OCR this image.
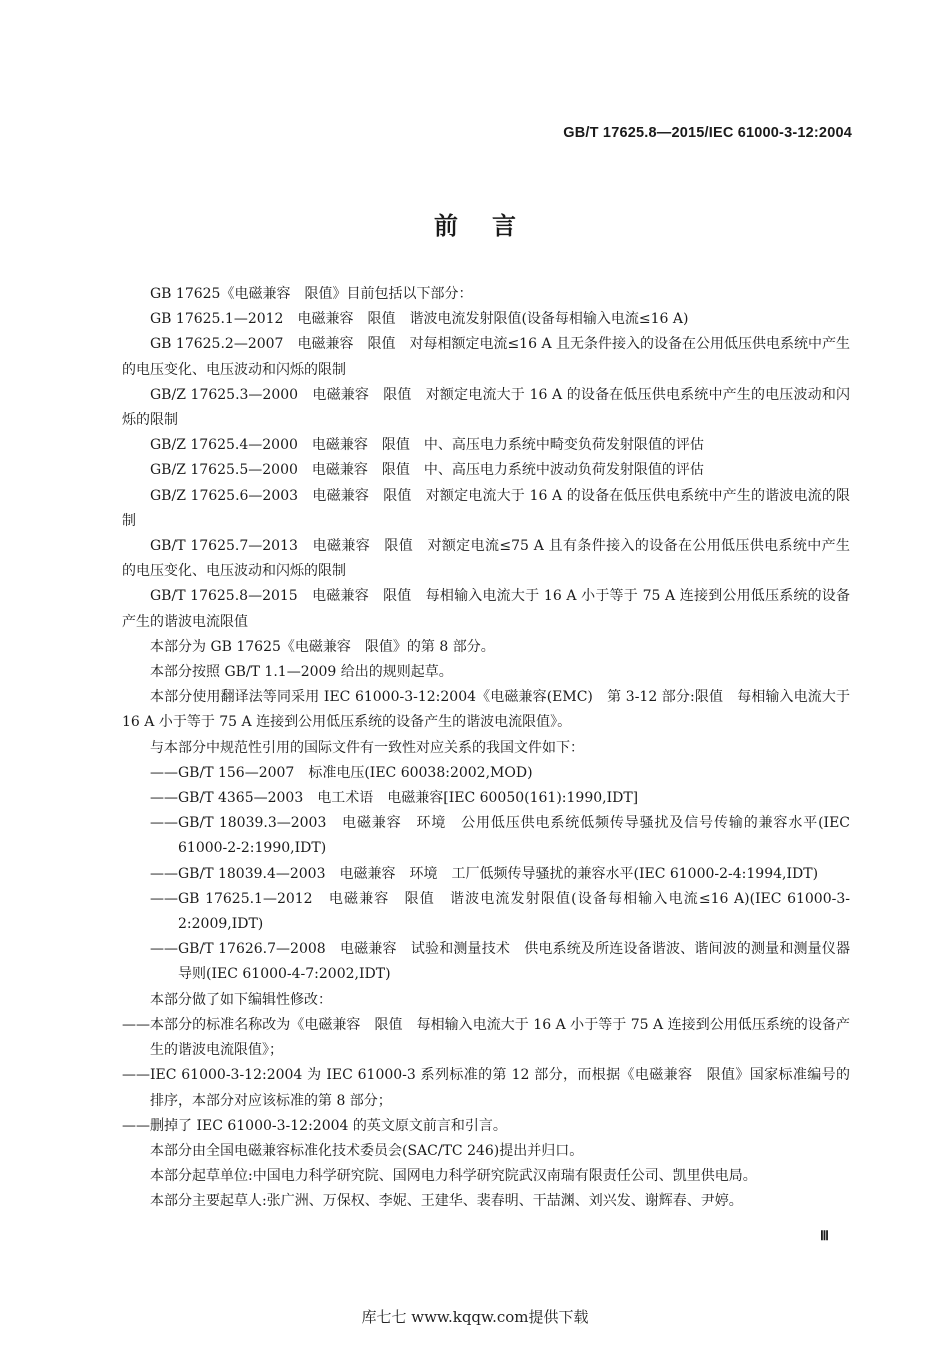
GB/T 17625.8—2015/IEC 61000-3-12:2004
前言

GB 17625《电磁兼容　限值》目前包括以下部分：

GB 17625.1—2012　电磁兼容　限值　谐波电流发射限值(设备每相输入电流≤16 A)

GB 17625.2—2007　电磁兼容　限值　对每相额定电流≤16 A 且无条件接入的设备在公用低压供电系统中产生的电压变化、电压波动和闪烁的限制

GB/Z 17625.3—2000　电磁兼容　限值　对额定电流大于 16 A 的设备在低压供电系统中产生的电压波动和闪烁的限制

GB/Z 17625.4—2000　电磁兼容　限值　中、高压电力系统中畸变负荷发射限值的评估

GB/Z 17625.5—2000　电磁兼容　限值　中、高压电力系统中波动负荷发射限值的评估

GB/Z 17625.6—2003　电磁兼容　限值　对额定电流大于 16 A 的设备在低压供电系统中产生的谐波电流的限制

GB/T 17625.7—2013　电磁兼容　限值　对额定电流≤75 A 且有条件接入的设备在公用低压供电系统中产生的电压变化、电压波动和闪烁的限制

GB/T 17625.8—2015　电磁兼容　限值　每相输入电流大于 16 A 小于等于 75 A 连接到公用低压系统的设备产生的谐波电流限值

本部分为 GB 17625《电磁兼容　限值》的第 8 部分。

本部分按照 GB/T 1.1—2009 给出的规则起草。

本部分使用翻译法等同采用 IEC 61000-3-12:2004《电磁兼容(EMC)　第 3-12 部分:限值　每相输入电流大于 16 A 小于等于 75 A 连接到公用低压系统的设备产生的谐波电流限值》。

与本部分中规范性引用的国际文件有一致性对应关系的我国文件如下：

——GB/T 156—2007　标准电压(IEC 60038:2002,MOD)

——GB/T 4365—2003　电工术语　电磁兼容[IEC 60050(161):1990,IDT]

——GB/T 18039.3—2003　电磁兼容　环境　公用低压供电系统低频传导骚扰及信号传输的兼容水平(IEC 61000-2-2:1990,IDT)

——GB/T 18039.4—2003　电磁兼容　环境　工厂低频传导骚扰的兼容水平(IEC 61000-2-4:1994,IDT)

——GB 17625.1—2012　电磁兼容　限值　谐波电流发射限值(设备每相输入电流≤16 A)(IEC 61000-3-2:2009,IDT)

——GB/T 17626.7—2008　电磁兼容　试验和测量技术　供电系统及所连设备谐波、谐间波的测量和测量仪器导则(IEC 61000-4-7:2002,IDT)

本部分做了如下编辑性修改：

——本部分的标准名称改为《电磁兼容　限值　每相输入电流大于 16 A 小于等于 75 A 连接到公用低压系统的设备产生的谐波电流限值》；

——IEC 61000-3-12:2004 为 IEC 61000-3 系列标准的第 12 部分，而根据《电磁兼容　限值》国家标准编号的排序，本部分对应该标准的第 8 部分；

——删掉了 IEC 61000-3-12:2004 的英文原文前言和引言。

本部分由全国电磁兼容标准化技术委员会(SAC/TC 246)提出并归口。

本部分起草单位:中国电力科学研究院、国网电力科学研究院武汉南瑞有限责任公司、凯里供电局。

本部分主要起草人:张广洲、万保权、李妮、王建华、裴春明、干喆渊、刘兴发、谢辉春、尹婷。

Ⅲ
库七七 www.kqqw.com提供下载
